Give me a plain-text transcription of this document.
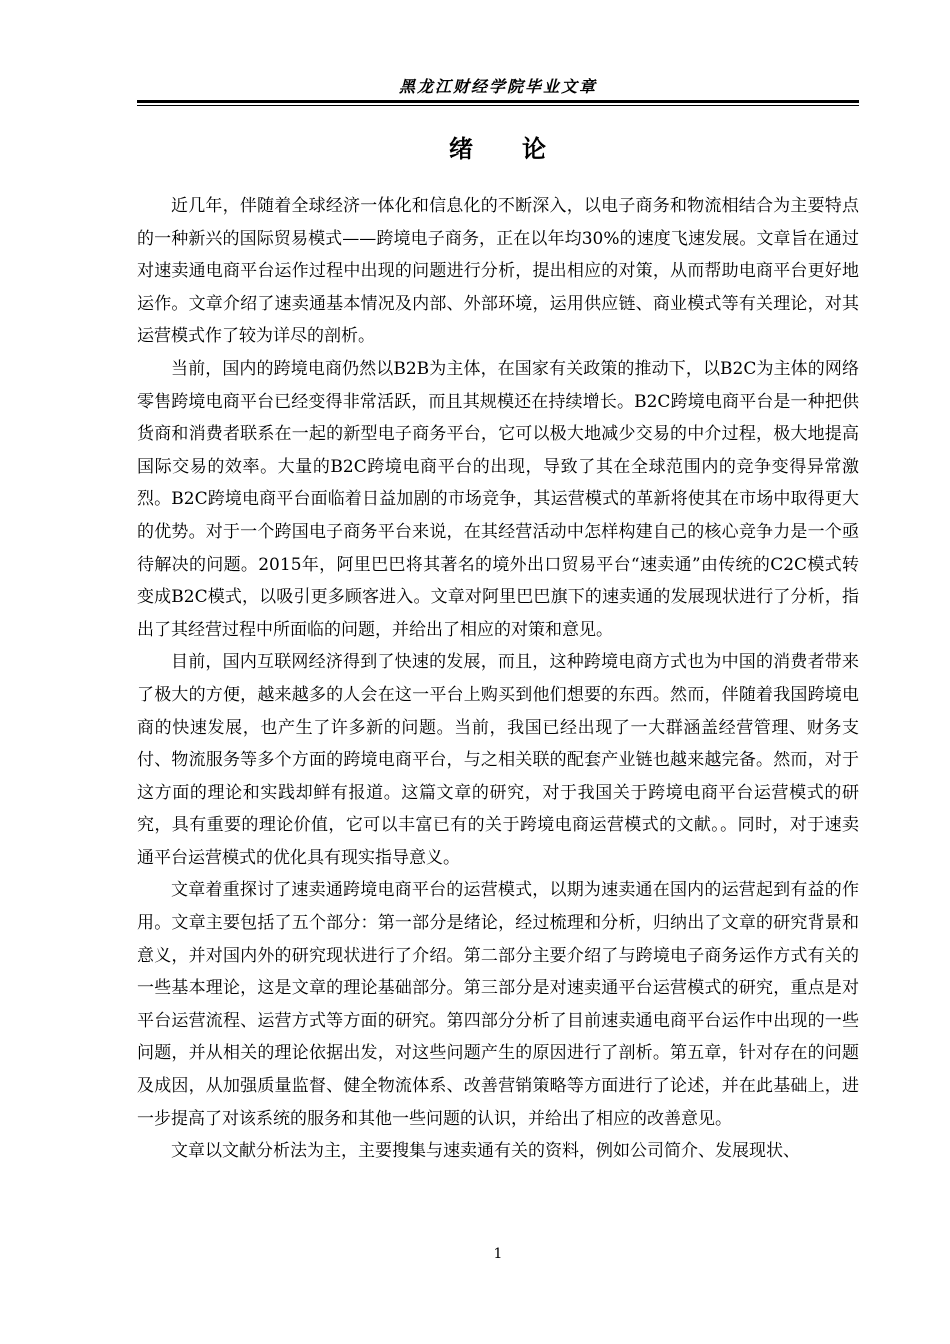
黑龙江财经学院毕业文章
绪 论

近几年，伴随着全球经济一体化和信息化的不断深入，以电子商务和物流相结合为主要特点的一种新兴的国际贸易模式——跨境电子商务，正在以年均30%的速度飞速发展。文章旨在通过对速卖通电商平台运作过程中出现的问题进行分析，提出相应的对策，从而帮助电商平台更好地运作。文章介绍了速卖通基本情况及内部、外部环境，运用供应链、商业模式等有关理论，对其运营模式作了较为详尽的剖析。

当前，国内的跨境电商仍然以B2B为主体，在国家有关政策的推动下，以B2C为主体的网络零售跨境电商平台已经变得非常活跃，而且其规模还在持续增长。B2C跨境电商平台是一种把供货商和消费者联系在一起的新型电子商务平台，它可以极大地减少交易的中介过程，极大地提高国际交易的效率。大量的B2C跨境电商平台的出现，导致了其在全球范围内的竞争变得异常激烈。B2C跨境电商平台面临着日益加剧的市场竞争，其运营模式的革新将使其在市场中取得更大的优势。对于一个跨国电子商务平台来说，在其经营活动中怎样构建自己的核心竞争力是一个亟待解决的问题。2015年，阿里巴巴将其著名的境外出口贸易平台“速卖通”由传统的C2C模式转变成B2C模式，以吸引更多顾客进入。文章对阿里巴巴旗下的速卖通的发展现状进行了分析，指出了其经营过程中所面临的问题，并给出了相应的对策和意见。

目前，国内互联网经济得到了快速的发展，而且，这种跨境电商方式也为中国的消费者带来了极大的方便，越来越多的人会在这一平台上购买到他们想要的东西。然而，伴随着我国跨境电商的快速发展，也产生了许多新的问题。当前，我国已经出现了一大群涵盖经营管理、财务支付、物流服务等多个方面的跨境电商平台，与之相关联的配套产业链也越来越完备。然而，对于这方面的理论和实践却鲜有报道。这篇文章的研究，对于我国关于跨境电商平台运营模式的研究，具有重要的理论价值，它可以丰富已有的关于跨境电商运营模式的文献。。同时，对于速卖通平台运营模式的优化具有现实指导意义。

文章着重探讨了速卖通跨境电商平台的运营模式，以期为速卖通在国内的运营起到有益的作用。文章主要包括了五个部分：第一部分是绪论，经过梳理和分析，归纳出了文章的研究背景和意义，并对国内外的研究现状进行了介绍。第二部分主要介绍了与跨境电子商务运作方式有关的一些基本理论，这是文章的理论基础部分。第三部分是对速卖通平台运营模式的研究，重点是对平台运营流程、运营方式等方面的研究。第四部分分析了目前速卖通电商平台运作中出现的一些问题，并从相关的理论依据出发，对这些问题产生的原因进行了剖析。第五章，针对存在的问题及成因，从加强质量监督、健全物流体系、改善营销策略等方面进行了论述，并在此基础上，进一步提高了对该系统的服务和其他一些问题的认识，并给出了相应的改善意见。

文章以文献分析法为主，主要搜集与速卖通有关的资料，例如公司简介、发展现状、

1
